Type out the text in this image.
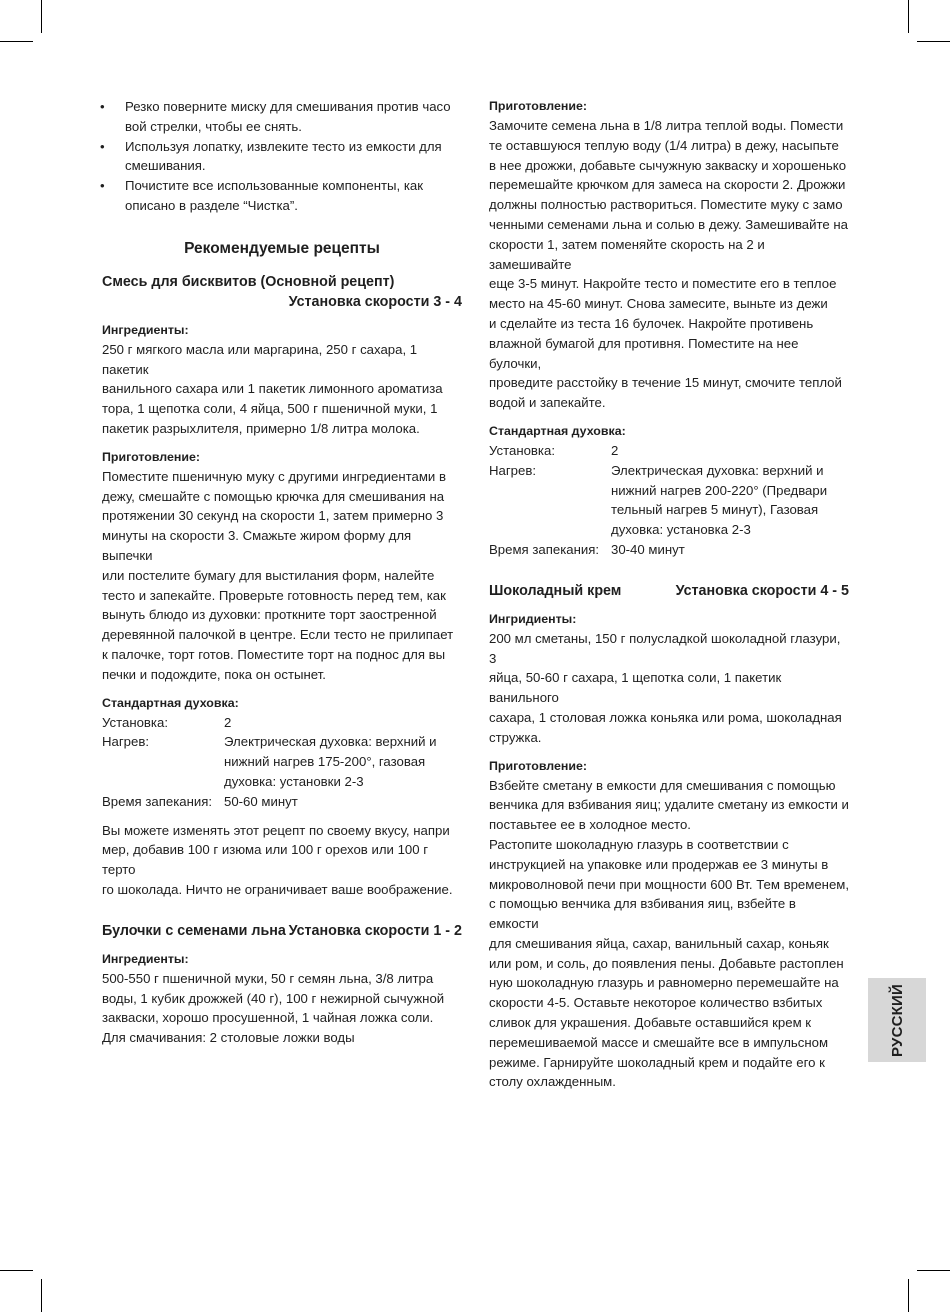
• Резко поверните миску для смешивания против часо
вой стрелки, чтобы ее снять.
• Используя лопатку, извлеките тесто из емкости для
смешивания.
• Почистите все использованные компоненты, как
описано в разделе “Чистка”.
Рекомендуемые рецепты
Смесь для бисквитов (Основной рецепт)
Установка скорости 3 - 4
Ингредиенты:

250 г мягкого масла или маргарина, 250 г сахара, 1 пакетик
ванильного сахара или 1 пакетик лимонного ароматиза
тора, 1 щепотка соли, 4 яйца, 500 г пшеничной муки, 1
пакетик разрыхлителя, примерно 1/8 литра молока.

Приготовление:

Поместите пшеничную муку с другими ингредиентами в
дежу, смешайте с помощью крючка для смешивания на
протяжении 30 секунд на скорости 1, затем примерно 3
минуты на скорости 3. Смажьте жиром форму для выпечки
или постелите бумагу для выстилания форм, налейте
тесто и запекайте. Проверьте готовность перед тем, как
вынуть блюдо из духовки: проткните торт заостренной
деревянной палочкой в центре. Если тесто не прилипает
к палочке, торт готов. Поместите торт на поднос для вы
печки и подождите, пока он остынет.

Стандартная духовка:
Установка:	2
Нагрев:	Электрическая духовка: верхний и
нижний нагрев 175-200°, газовая
духовка: установки 2-3
Время запекания: 50-60 минут

Вы можете изменять этот рецепт по своему вкусу, напри
мер, добавив 100 г изюма или 100 г орехов или 100 г терто
го шоколада. Ничто не ограничивает ваше воображение.

Булочки с семенами льна Установка скорости 1 - 2
Ингредиенты:

500-550 г пшеничной муки, 50 г семян льна, 3/8 литра
воды, 1 кубик дрожжей (40 г), 100 г нежирной сычужной
закваски, хорошо просушенной, 1 чайная ложка соли.
Для смачивания: 2 столовые ложки воды

Приготовление:

Замочите семена льна в 1/8 литра теплой воды. Помести
те оставшуюся теплую воду (1/4 литра) в дежу, насыпьте
в нее дрожжи, добавьте сычужную закваску и хорошенько
перемешайте крючком для замеса на скорости 2. Дрожжи
должны полностью раствориться. Поместите муку с замо
ченными семенами льна и солью в дежу. Замешивайте на
скорости 1, затем поменяйте скорость на 2 и замешивайте
еще 3-5 минут. Накройте тесто и поместите его в теплое
место на 45-60 минут. Снова замесите, выньте из дежи
и сделайте из теста 16 булочек. Накройте противень
влажной бумагой для противня. Поместите на нее булочки,
проведите расстойку в течение 15 минут, смочите теплой
водой и запекайте.

Стандартная духовка:
Установка:	2
Нагрев:	Электрическая духовка: верхний и
нижний нагрев 200-220° (Предвари
тельный нагрев 5 минут), Газовая
духовка: установка 2-3
Время запекания: 30-40 минут
Шоколадный крем	Установка скорости 4 - 5
Ингридиенты:

200 мл сметаны, 150 г полусладкой шоколадной глазури, 3
яйца, 50-60 г сахара, 1 щепотка соли, 1 пакетик ванильного
сахара, 1 столовая ложка коньяка или рома, шоколадная
стружка.

Приготовление:

Взбейте сметану в емкости для смешивания с помощью
венчика для взбивания яиц; удалите сметану из емкости и
поставьтее ее в холодное место.
Растопите шоколадную глазурь в соответствии с
инструкцией на упаковке или продержав ее 3 минуты в
микроволновой печи при мощности 600 Вт. Тем временем,
с помощью венчика для взбивания яиц, взбейте в емкости
для смешивания яйца, сахар, ванильный сахар, коньяк
или ром, и соль, до появления пены. Добавьте растоплен
ную шоколадную глазурь и равномерно перемешайте на
скорости 4-5. Оставьте некоторое количество взбитых
сливок для украшения. Добавьте оставшийся крем к
перемешиваемой массе и смешайте все в импульсном
режиме. Гарнируйте шоколадный крем и подайте его к
столу охлажденным.

РУССКИЙ
